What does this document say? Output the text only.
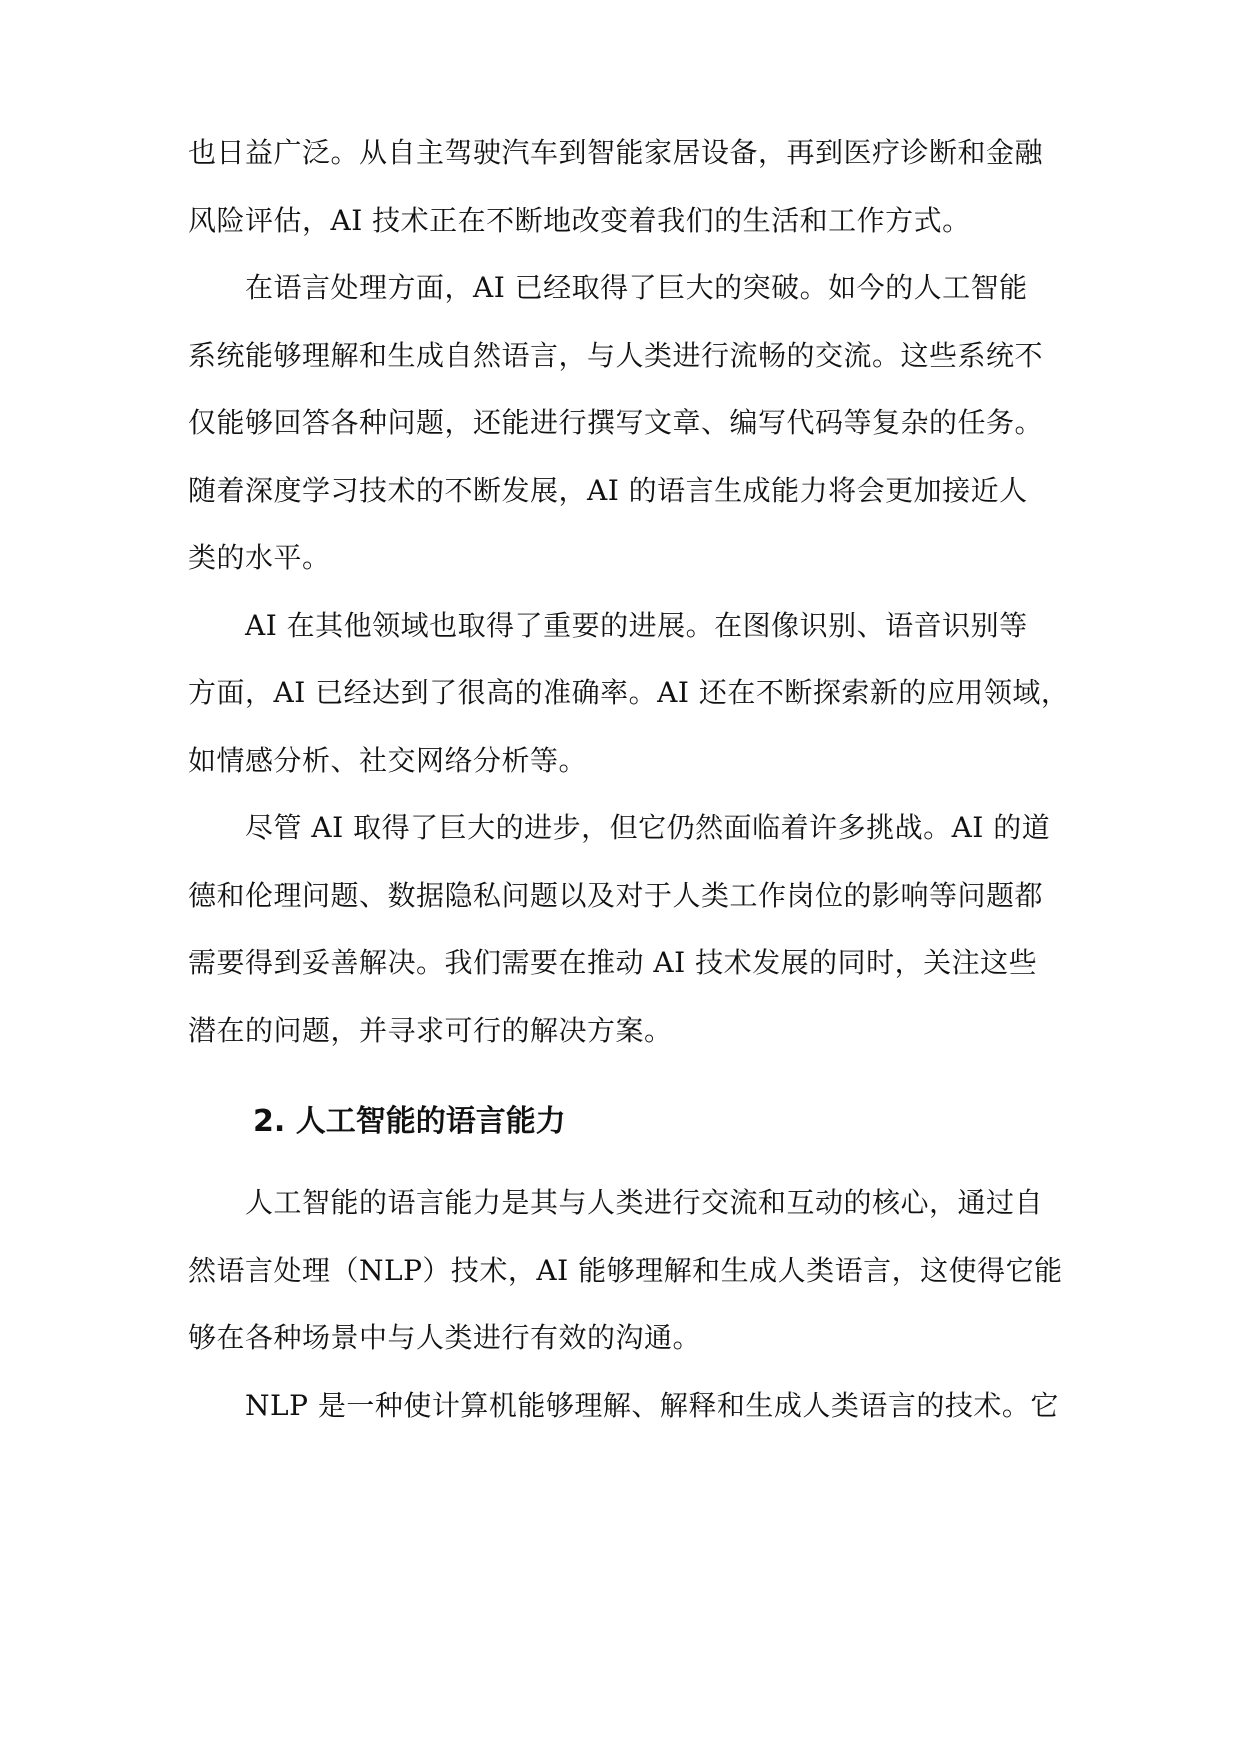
也日益广泛。从自主驾驶汽车到智能家居设备，再到医疗诊断和金融
风险评估，AI 技术正在不断地改变着我们的生活和工作方式。
在语言处理方面，AI 已经取得了巨大的突破。如今的人工智能
系统能够理解和生成自然语言，与人类进行流畅的交流。这些系统不
仅能够回答各种问题，还能进行撰写文章、编写代码等复杂的任务。
随着深度学习技术的不断发展，AI 的语言生成能力将会更加接近人
类的水平。
AI 在其他领域也取得了重要的进展。在图像识别、语音识别等
方面，AI 已经达到了很高的准确率。AI 还在不断探索新的应用领域，
如情感分析、社交网络分析等。
尽管 AI 取得了巨大的进步，但它仍然面临着许多挑战。AI 的道
德和伦理问题、数据隐私问题以及对于人类工作岗位的影响等问题都
需要得到妥善解决。我们需要在推动 AI 技术发展的同时，关注这些
潜在的问题，并寻求可行的解决方案。
2. 人工智能的语言能力
人工智能的语言能力是其与人类进行交流和互动的核心，通过自
然语言处理（NLP）技术，AI 能够理解和生成人类语言，这使得它能
够在各种场景中与人类进行有效的沟通。
NLP 是一种使计算机能够理解、解释和生成人类语言的技术。它
